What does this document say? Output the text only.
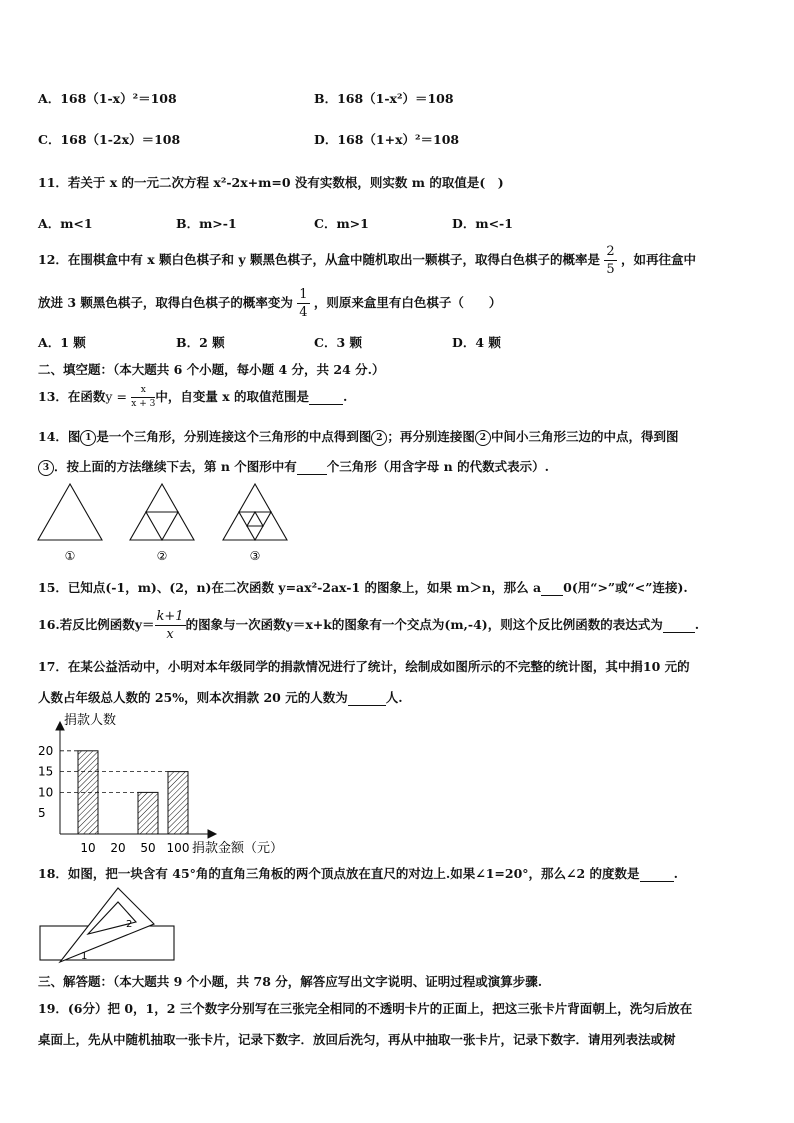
A．168（1-x）²＝108	B．168（1-x²）＝108
C．168（1-2x）＝108	D．168（1+x）²＝108
11．若关于 x 的一元二次方程 x²-2x+m=0 没有实数根，则实数 m 的取值是(　)
A．m<1	B．m>-1	C．m>1	D．m<-1
12．在围棋盒中有 x 颗白色棋子和 y 颗黑色棋子，从盒中随机取出一颗棋子，取得白色棋子的概率是 $\frac{2}{5}$ ，如再往盒中
放进 3 颗黑色棋子，取得白色棋子的概率变为 $\frac{1}{4}$ ，则原来盒里有白色棋子（　　）
A．1 颗	B．2 颗	C．3 颗	D．4 颗
二、填空题：（本大题共 6 个小题，每小题 4 分，共 24 分.）
13．在函数$y = \frac{x}{x + 3}$ 中，自变量 x 的取值范围是	.
14．图 1 是一个三角形，分别连接这个三角形的中点得到图 2 ；再分别连接图 2 中间小三角形三边的中点，得到图
3 ．按上面的方法继续下去，第 n 个图形中有 个三角形（用含字母 n 的代数式表示）.
①	②	③
15．已知点(-1，m)、(2，n)在二次函数 y=ax²-2ax-1 的图象上，如果 m＞n，那么 a 0(用“>”或“<”连接).
16.若反比例函数$y= \frac{k+1}{x}$ 的图象与一次函数y＝x+k的图象有一个交点为(m,-4)，则这个反比例函数的表达式为	.
17．在某公益活动中，小明对本年级同学的捐款情况进行了统计，绘制成如图所示的不完整的统计图，其中捐10 元的
人数占年级总人数的 25%，则本次捐款 20 元的人数为	人.
捐款人数
5
10
15
20
10 20 50 100 捐款金额（元）
18．如图，把一块含有 45°角的直角三角板的两个顶点放在直尺的对边上.如果∠1=20°，那么∠2 的度数是	.
2
1
三、解答题：（本大题共 9 个小题，共 78 分，解答应写出文字说明、证明过程或演算步骤.
19．(6分）把 0，1，2 三个数字分别写在三张完全相同的不透明卡片的正面上，把这三张卡片背面朝上，洗匀后放在
桌面上，先从中随机抽取一张卡片，记录下数字．放回后洗匀，再从中抽取一张卡片，记录下数字．请用列表法或树
